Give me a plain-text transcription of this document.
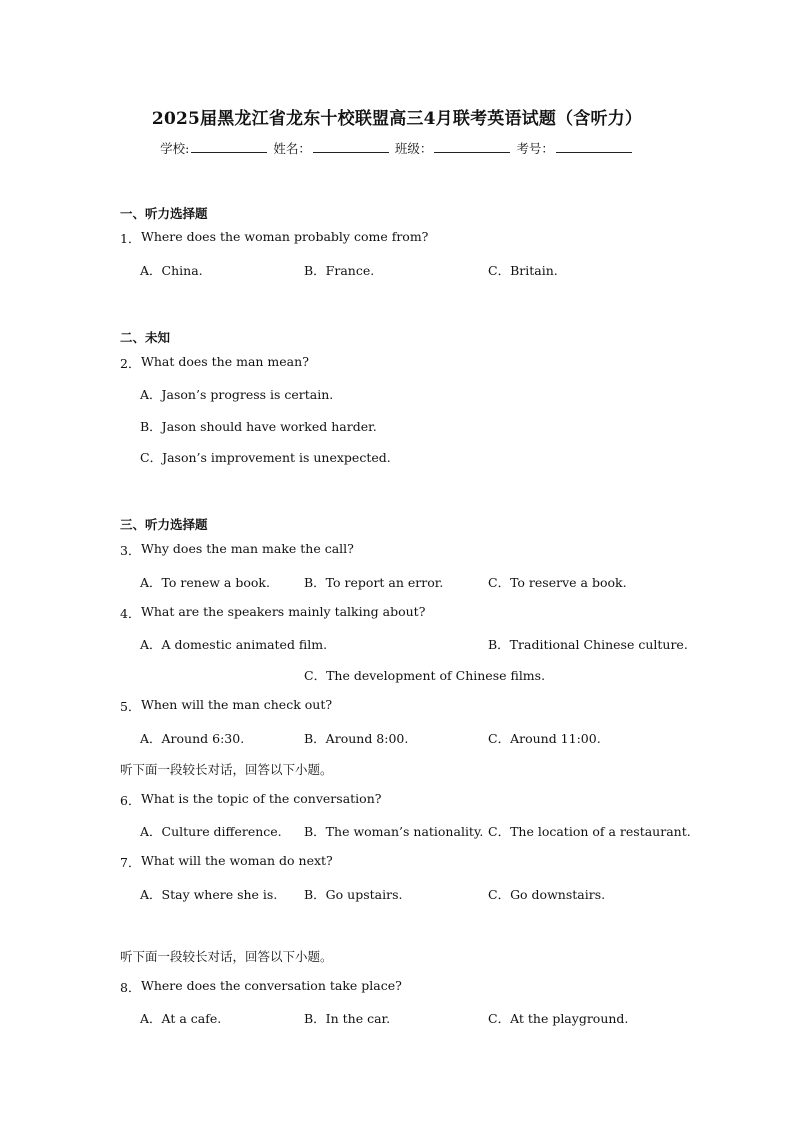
2025届黑龙江省龙东十校联盟高三4月联考英语试题（含听力）
学校:	姓名：	班级：	考号：
一、听力选择题
1． Where does the woman probably come from?
A．China.	B．France.	C．Britain.
二、未知
2． What does the man mean?
A．Jason’s progress is certain.
B．Jason should have worked harder.
C．Jason’s improvement is unexpected.
三、听力选择题
3． Why does the man make the call?
A．To renew a book.	B．To report an error.	C．To reserve a book.
4． What are the speakers mainly talking about?
A．A domestic animated film.	B．Traditional Chinese culture.
C．The development of Chinese films.
5． When will the man check out?
A．Around 6:30.	B．Around 8:00.	C．Around 11:00.
听下面一段较长对话，回答以下小题。
6． What is the topic of the conversation?
A．Culture difference. B．The woman’s nationality. C．The location of a restaurant.
7． What will the woman do next?
A．Stay where she is. B．Go upstairs.	C．Go downstairs.
听下面一段较长对话，回答以下小题。
8． Where does the conversation take place?
A．At a cafe.	B．In the car.	C．At the playground.
